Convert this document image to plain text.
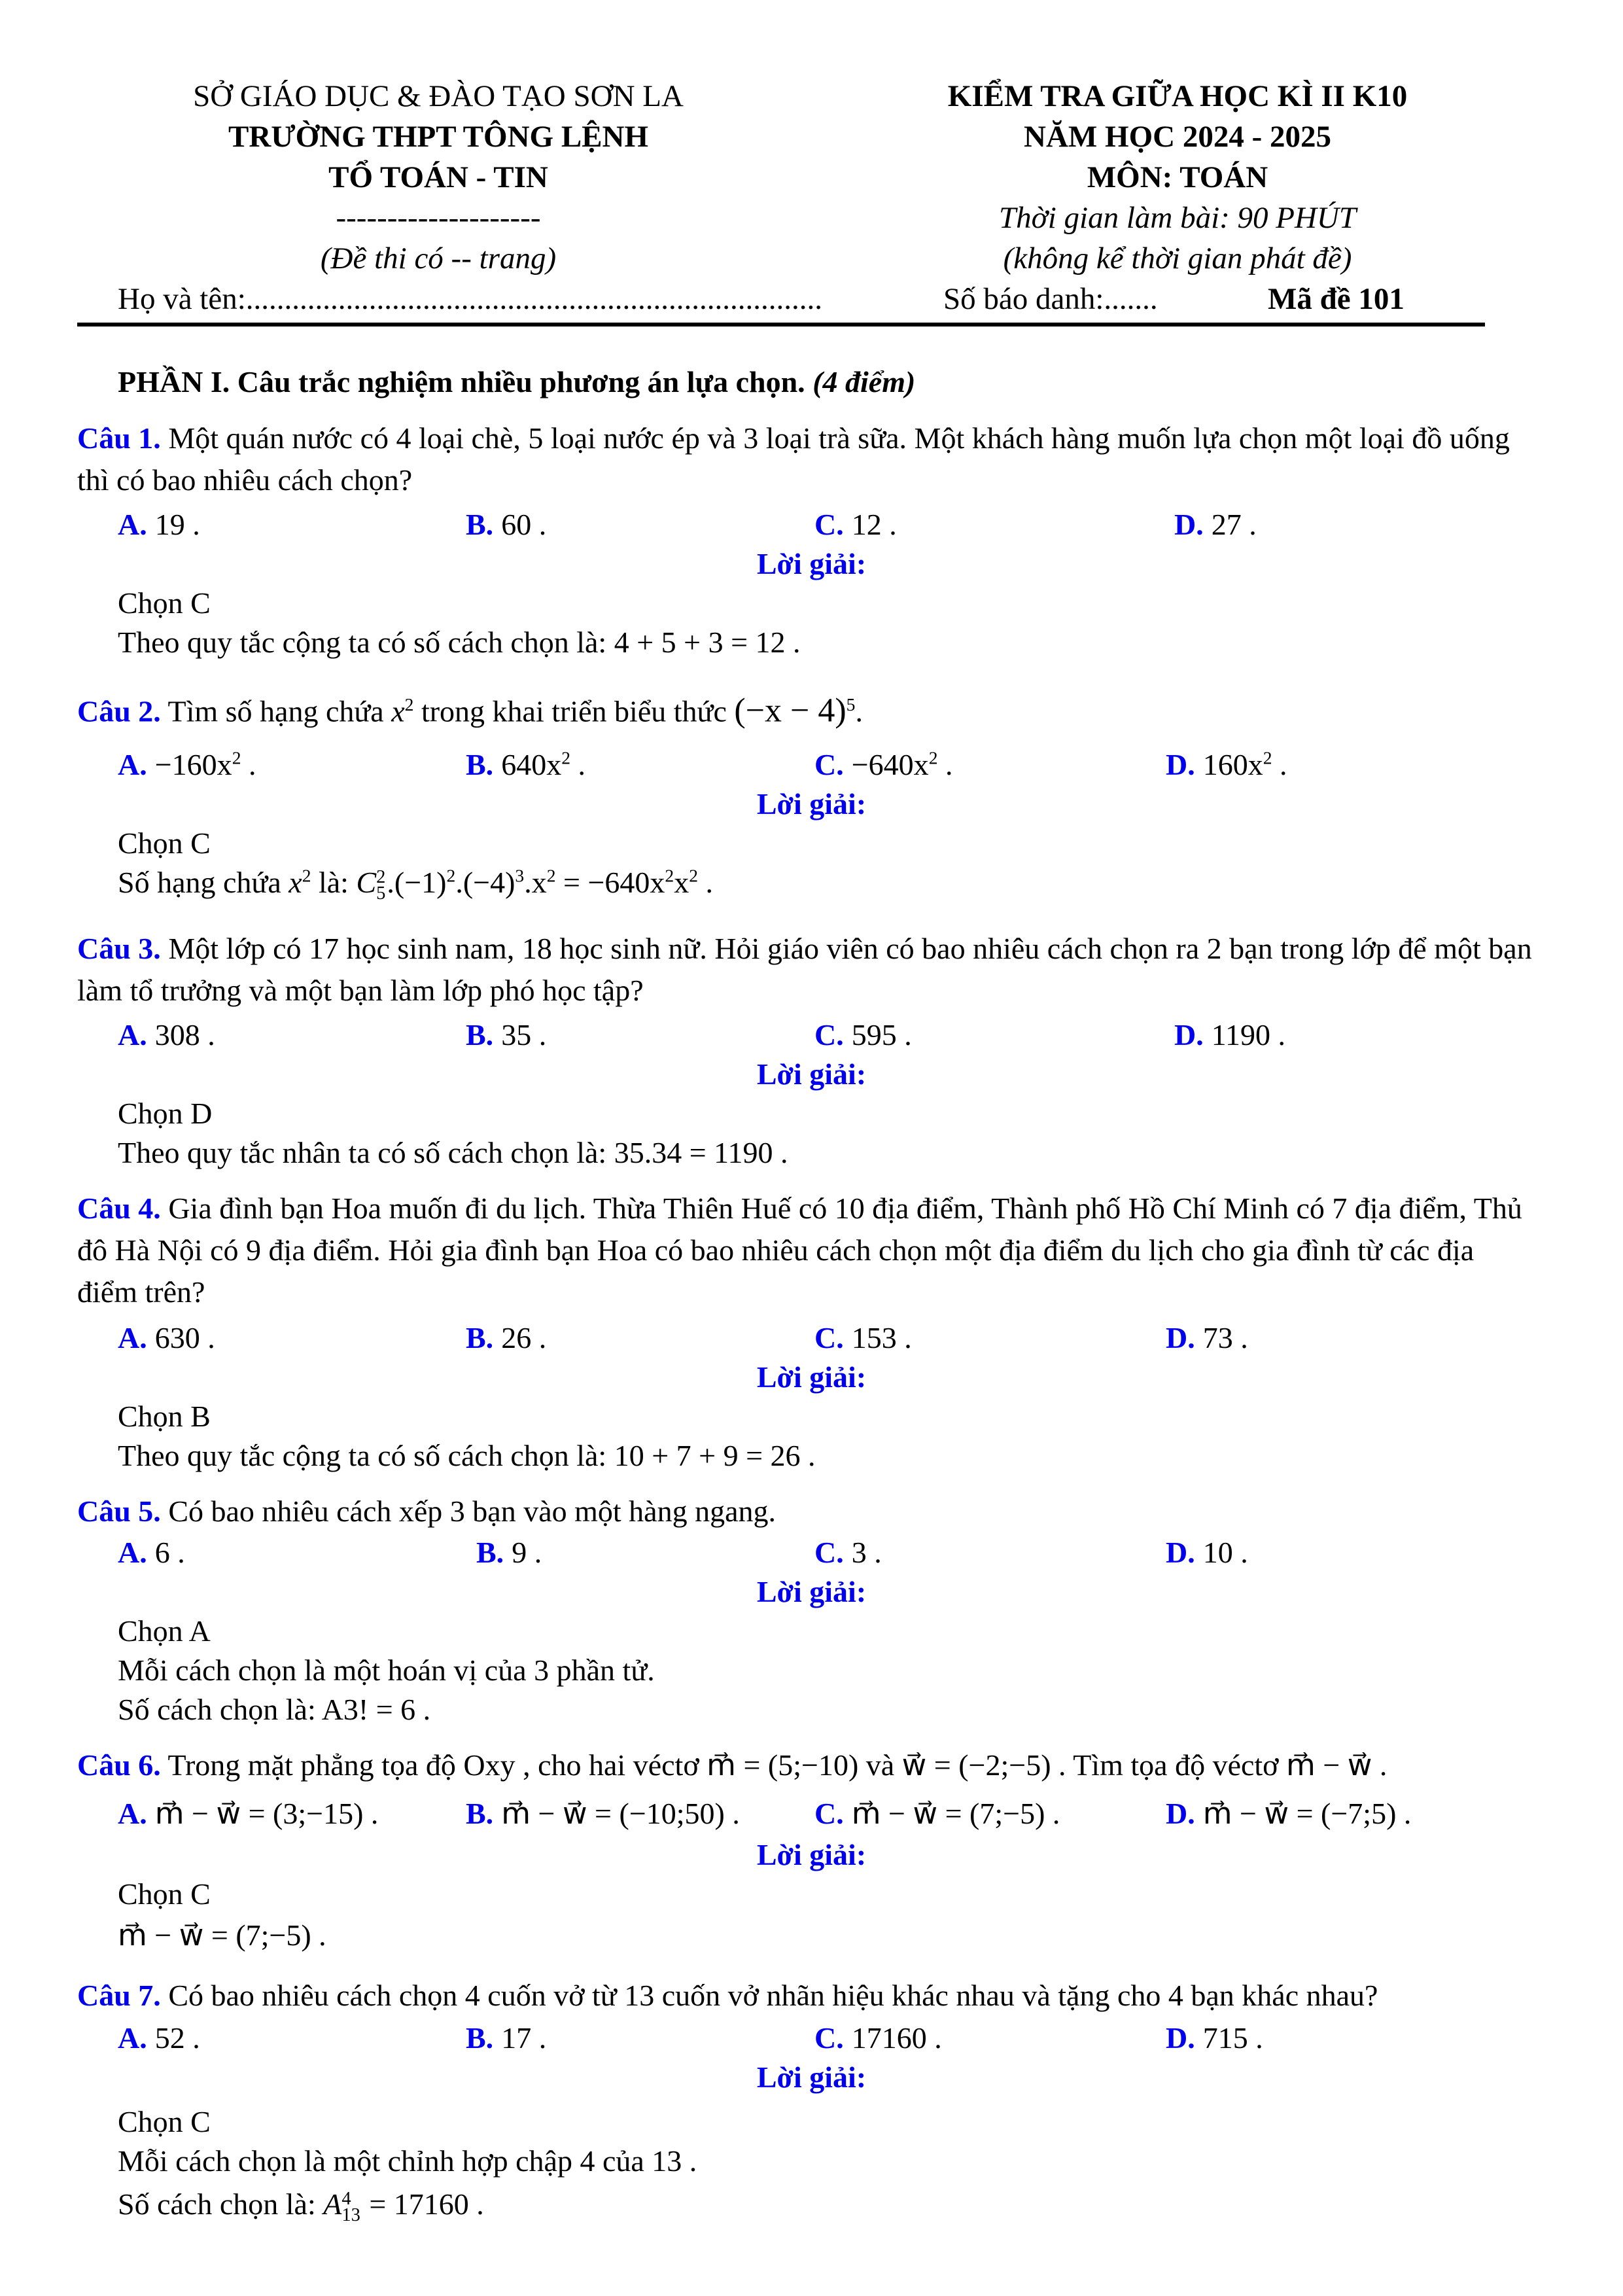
SỞ GIÁO DỤC & ĐÀO TẠO SƠN LA
TRƯỜNG THPT TÔNG LỆNH
TỔ TOÁN - TIN
--------------------
(Đề thi có -- trang)
KIỂM TRA GIỮA HỌC KÌ II K10
NĂM HỌC 2024 - 2025
MÔN: TOÁN
Thời gian làm bài: 90 PHÚT
(không kể thời gian phát đề)
Họ và tên:...........................................................................	Số báo danh:.......	Mã đề 101
PHẦN I. Câu trắc nghiệm nhiều phương án lựa chọn. (4 điểm)
Câu 1. Một quán nước có 4 loại chè, 5 loại nước ép và 3 loại trà sữa. Một khách hàng muốn lựa chọn một loại đồ uống thì có bao nhiêu cách chọn?
A. 19 .	B. 60 .	C. 12 .	D. 27 .
Lời giải:
Chọn C
Theo quy tắc cộng ta có số cách chọn là: 4 + 5 + 3 = 12 .
Câu 2. Tìm số hạng chứa $x^2$ trong khai triển biểu thức $(-x - 4)^5$.
A. $-160x^2$ .	B. $640x^2$ .	C. $-640x^2$ .	D. $160x^2$ .
Lời giải:
Chọn C
Số hạng chứa $x^2$ là: C 2
5 $.(-1)^2.(-4)^3.x^2 = -640x^2x^2$ .
Câu 3. Một lớp có 17 học sinh nam, 18 học sinh nữ. Hỏi giáo viên có bao nhiêu cách chọn ra 2 bạn trong lớp để một bạn làm tổ trưởng và một bạn làm lớp phó học tập?
A. 308 .	B. 35 .	C. 595 .	D. 1190 .
Lời giải:
Chọn D
Theo quy tắc nhân ta có số cách chọn là: 35.34 = 1190 .
Câu 4. Gia đình bạn Hoa muốn đi du lịch. Thừa Thiên Huế có 10 địa điểm, Thành phố Hồ Chí Minh có 7 địa điểm, Thủ đô Hà Nội có 9 địa điểm. Hỏi gia đình bạn Hoa có bao nhiêu cách chọn một địa điểm du lịch cho gia đình từ các địa điểm trên?
A. 630 .	B. 26 .	C. 153 .	D. 73 .
Lời giải:
Chọn B
Theo quy tắc cộng ta có số cách chọn là: 10 + 7 + 9 = 26 .
Câu 5. Có bao nhiêu cách xếp 3 bạn vào một hàng ngang.
A. 6 .	B. 9 .	C. 3 .	D. 10 .
Lời giải:
Chọn A
Mỗi cách chọn là một hoán vị của 3 phần tử.
Số cách chọn là: A3! = 6 .
Câu 6. Trong mặt phẳng tọa độ Oxy , cho hai véctơ m⃗ = (5;−10) và w⃗ = (−2;−5) . Tìm tọa độ véctơ m⃗ − w⃗ .
A. m⃗ − w⃗ = (3;−15) .	B. m⃗ − w⃗ = (−10;50) . C. m⃗ − w⃗ = (7;−5) .	D. m⃗ − w⃗ = (−7;5) .
Lời giải:
Chọn C
m⃗ − w⃗ = (7;−5) .
Câu 7. Có bao nhiêu cách chọn 4 cuốn vở từ 13 cuốn vở nhãn hiệu khác nhau và tặng cho 4 bạn khác nhau?
A. 52 .	B. 17 .	C. 17160 .	D. 715 .
Lời giải:
Chọn C
Mỗi cách chọn là một chỉnh hợp chập 4 của 13 .
Số cách chọn là: A 4
13 = 17160 .
